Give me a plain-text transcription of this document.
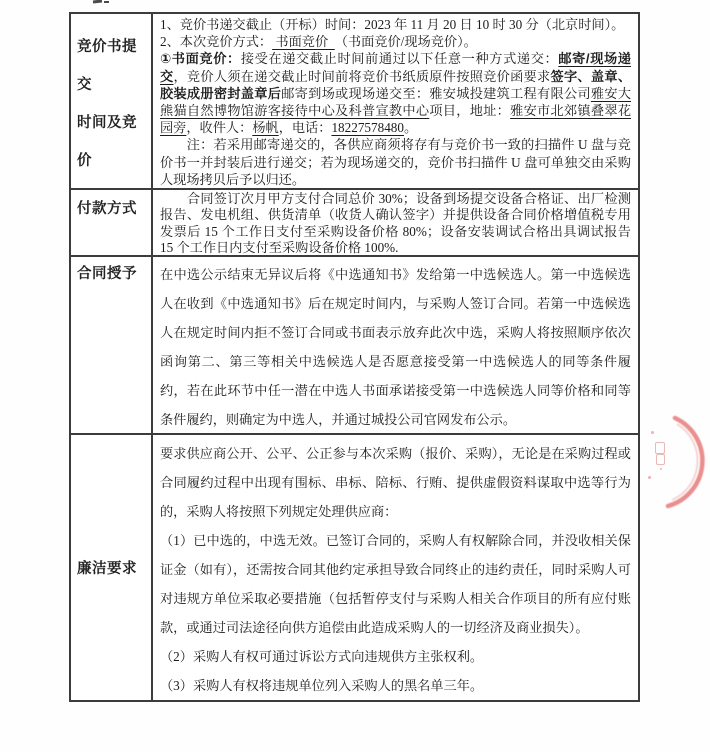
竞价书提交
时间及竞价
1、竞价书递交截止（开标）时间：2023 年 11 月 20 日 10 时 30 分（北京时间）。
2、本次竞价方式： 书面竞价  （书面竞价/现场竞价）。
①书面竞价：接受在递交截止时间前通过以下任意一种方式递交：邮寄/现场递交，竞价人须在递交截止时间前将竞价书纸质原件按照竞价函要求签字、盖章、胶装成册密封盖章后邮寄到场或现场递交至：雅安城投建筑工程有限公司雅安大熊猫自然博物馆游客接待中心及科普宣教中心项目，地址：雅安市北郊镇叠翠花园旁，收件人：杨帆，电话：18227578480。
　　注：若采用邮寄递交的，各供应商须将存有与竞价书一致的扫描件 U 盘与竞价书一并封装后进行递交；若为现场递交的，竞价书扫描件 U 盘可单独交由采购人现场拷贝后予以归还。
付款方式
　　合同签订次月甲方支付合同总价 30%；设备到场提交设备合格证、出厂检测报告、发电机组、供货清单（收货人确认签字）并提供设备合同价格增值税专用发票后 15 个工作日支付至采购设备价格 80%；设备安装调试合格出具调试报告 15 个工作日内支付至采购设备价格 100%.
合同授予	在中选公示结束无异议后将《中选通知书》发给第一中选候选人。第一中选候选人在收到《中选通知书》后在规定时间内，与采购人签订合同。若第一中选候选人在规定时间内拒不签订合同或书面表示放弃此次中选，采购人将按照顺序依次函询第二、第三等相关中选候选人是否愿意接受第一中选候选人的同等条件履约，若在此环节中任一潜在中选人书面承诺接受第一中选候选人同等价格和同等条件履约，则确定为中选人，并通过城投公司官网发布公示。
廉洁要求
要求供应商公开、公平、公正参与本次采购（报价、采购），无论是在采购过程或合同履约过程中出现有围标、串标、陪标、行贿、提供虚假资料谋取中选等行为的，采购人将按照下列规定处理供应商：
（1）已中选的，中选无效。已签订合同的，采购人有权解除合同，并没收相关保证金（如有），还需按合同其他约定承担导致合同终止的违约责任，同时采购人可对违规方单位采取必要措施（包括暂停支付与采购人相关合作项目的所有应付账款，或通过司法途径向供方追偿由此造成采购人的一切经济及商业损失）。
（2）采购人有权可通过诉讼方式向违规供方主张权利。
（3）采购人有权将违规单位列入采购人的黑名单三年。
